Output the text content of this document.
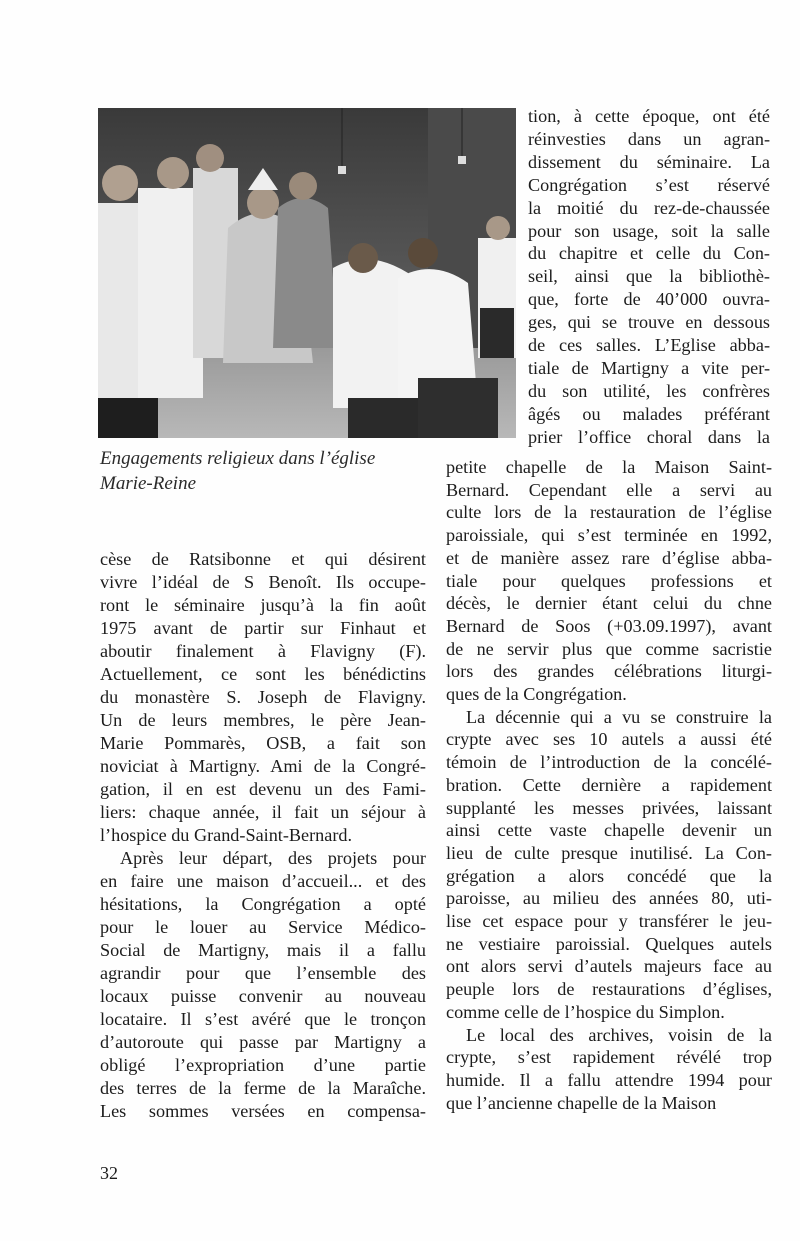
Engagements religieux dans l’église Marie-Reine
tion, à cette époque, ont été
réinvesties dans un agran-
dissement du séminaire. La
Congrégation s’est réservé
la moitié du rez-de-chaussée
pour son usage, soit la salle
du chapitre et celle du Con-
seil, ainsi que la bibliothè-
que, forte de 40’000 ouvra-
ges, qui se trouve en dessous
de ces salles. L’Eglise abba-
tiale de Martigny a vite per-
du son utilité, les confrères
âgés ou malades préférant
prier l’office choral dans la
cèse de Ratsibonne et qui désirent
vivre l’idéal de S Benoît. Ils occupe-
ront le séminaire jusqu’à la fin août
1975 avant de partir sur Finhaut et
aboutir finalement à Flavigny (F).
Actuellement, ce sont les bénédictins
du monastère S. Joseph de Flavigny.
Un de leurs membres, le père Jean-
Marie Pommarès, OSB, a fait son
noviciat à Martigny. Ami de la Congré-
gation, il en est devenu un des Fami-
liers: chaque année, il fait un séjour à
l’hospice du Grand-Saint-Bernard.
Après leur départ, des projets pour
en faire une maison d’accueil... et des
hésitations, la Congrégation a opté
pour le louer au Service Médico-
Social de Martigny, mais il a fallu
agrandir pour que l’ensemble des
locaux puisse convenir au nouveau
locataire. Il s’est avéré que le tronçon
d’autoroute qui passe par Martigny a
obligé l’expropriation d’une partie
des terres de la ferme de la Maraîche.
Les sommes versées en compensa-
petite chapelle de la Maison Saint-
Bernard. Cependant elle a servi au
culte lors de la restauration de l’église
paroissiale, qui s’est terminée en 1992,
et de manière assez rare d’église abba-
tiale pour quelques professions et
décès, le dernier étant celui du chne
Bernard de Soos (+03.09.1997), avant
de ne servir plus que comme sacristie
lors des grandes célébrations liturgi-
ques de la Congrégation.
La décennie qui a vu se construire la
crypte avec ses 10 autels a aussi été
témoin de l’introduction de la concélé-
bration. Cette dernière a rapidement
supplanté les messes privées, laissant
ainsi cette vaste chapelle devenir un
lieu de culte presque inutilisé. La Con-
grégation a alors concédé que la
paroisse, au milieu des années 80, uti-
lise cet espace pour y transférer le jeu-
ne vestiaire paroissial. Quelques autels
ont alors servi d’autels majeurs face au
peuple lors de restaurations d’églises,
comme celle de l’hospice du Simplon.
Le local des archives, voisin de la
crypte, s’est rapidement révélé trop
humide. Il a fallu attendre 1994 pour
que l’ancienne chapelle de la Maison
32
